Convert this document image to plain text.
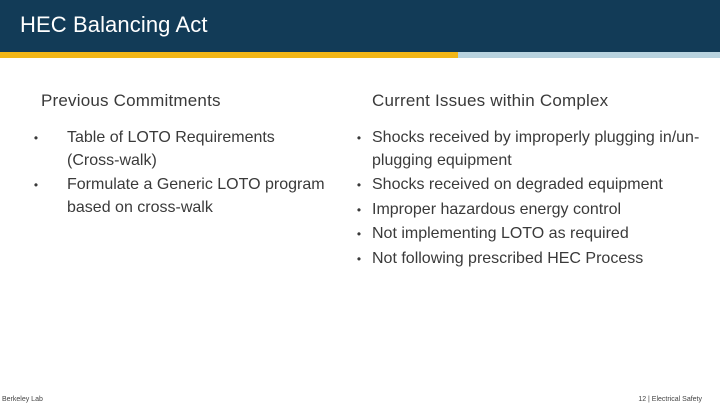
HEC Balancing Act
Previous Commitments	Current Issues within Complex
•	Table of LOTO Requirements (Cross-walk)
•	Formulate a Generic LOTO program based on cross-walk
• Shocks received by improperly plugging in/un-plugging equipment
• Shocks received on degraded equipment
• Improper hazardous energy control
• Not implementing LOTO as required
• Not following prescribed HEC Process
Berkeley Lab	12 | Electrical Safety
